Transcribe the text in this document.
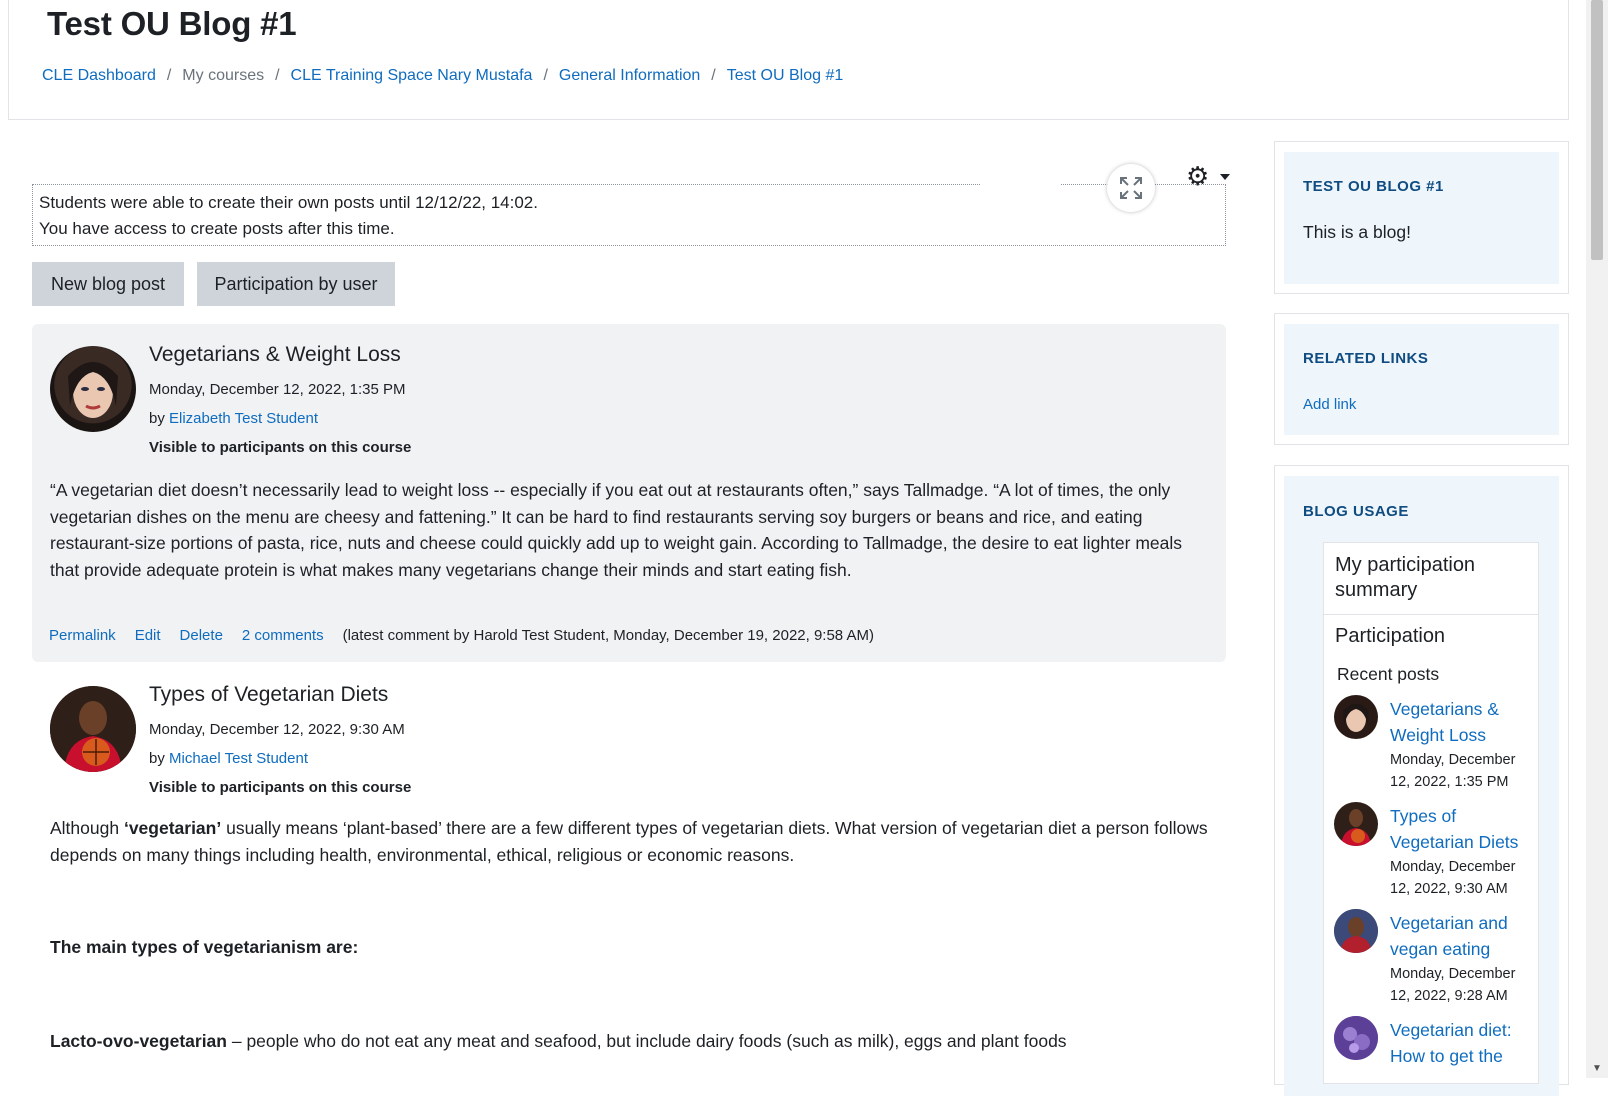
Test OU Blog #1
CLE Dashboard / My courses / CLE Training Space Nary Mustafa / General Information / Test OU Blog #1
Students were able to create their own posts until 12/12/22, 14:02.
You have access to create posts after this time.
⚙
New blog post	Participation by user
Vegetarians & Weight Loss
Monday, December 12, 2022, 1:35 PM
by Elizabeth Test Student
Visible to participants on this course
“A vegetarian diet doesn’t necessarily lead to weight loss -- especially if you eat out at restaurants often,” says Tallmadge. “A lot of times, the only vegetarian dishes on the menu are cheesy and fattening.” It can be hard to find restaurants serving soy burgers or beans and rice, and eating restaurant-size portions of pasta, rice, nuts and cheese could quickly add up to weight gain. According to Tallmadge, the desire to eat lighter meals that provide adequate protein is what makes many vegetarians change their minds and start eating fish.
Permalink Edit Delete 2 comments (latest comment by Harold Test Student, Monday, December 19, 2022, 9:58 AM)
Types of Vegetarian Diets
Monday, December 12, 2022, 9:30 AM
by Michael Test Student
Visible to participants on this course
Although ‘vegetarian’ usually means ‘plant-based’ there are a few different types of vegetarian diets. What version of vegetarian diet a person follows depends on many things including health, environmental, ethical, religious or economic reasons.
The main types of vegetarianism are:
Lacto-ovo-vegetarian – people who do not eat any meat and seafood, but include dairy foods (such as milk), eggs and plant foods
TEST OU BLOG #1
This is a blog!
RELATED LINKS
Add link
BLOG USAGE
My participation summary
Participation
Recent posts
Vegetarians & Weight Loss
Monday, December 12, 2022, 1:35 PM
Types of Vegetarian Diets
Monday, December 12, 2022, 9:30 AM
Vegetarian and vegan eating
Monday, December 12, 2022, 9:28 AM
Vegetarian diet: How to get the
▼
